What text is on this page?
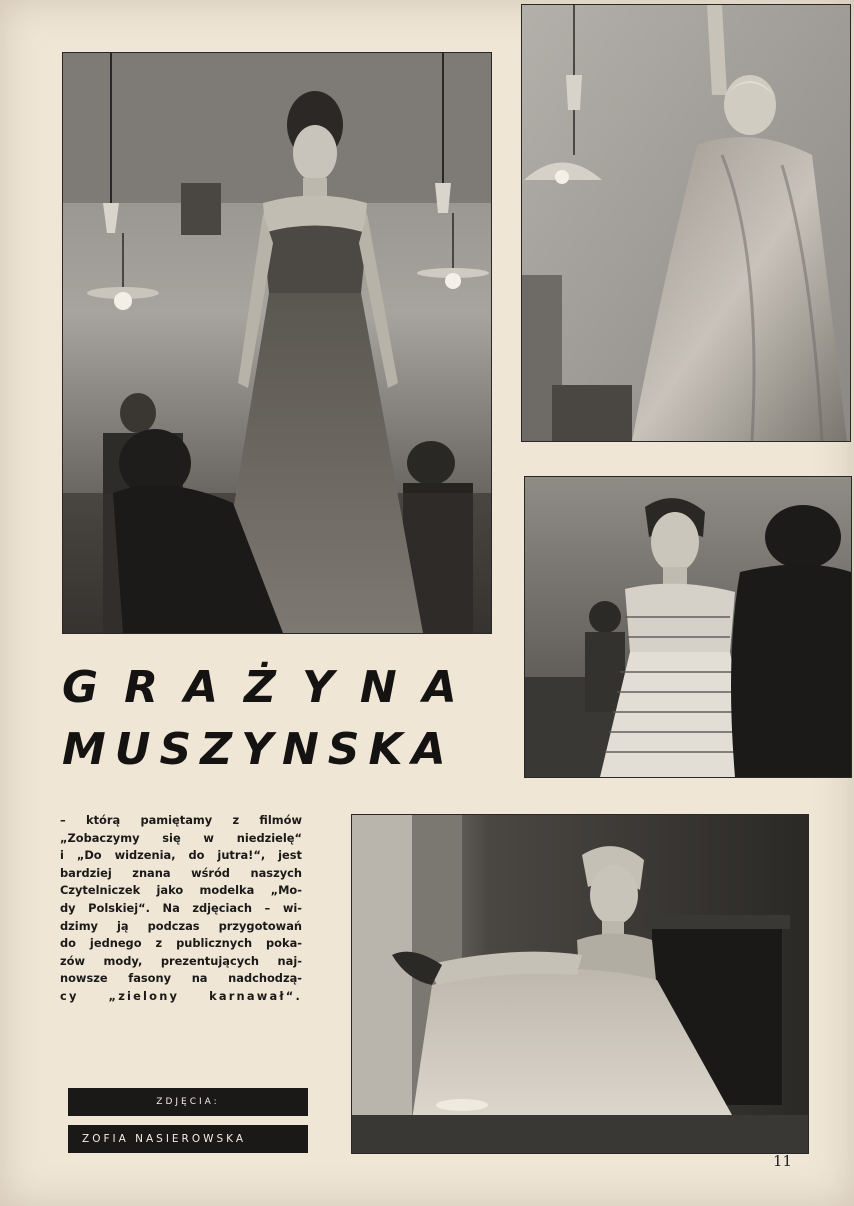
GRAŻYNA
MUSZYNSKA
– którą pamiętamy z filmów
„Zobaczymy się w niedzielę“
i „Do widzenia, do jutra!“, jest
bardziej znana wśród naszych
Czytelniczek jako modelka „Mo-
dy Polskiej“. Na zdjęciach – wi-
dzimy ją podczas przygotowań
do jednego z publicznych poka-
zów mody, prezentujących naj-
nowsze fasony na nadchodzą-
cy „zielony karnawał“.
ZDJĘCIA:
ZOFIA NASIEROWSKA
11
